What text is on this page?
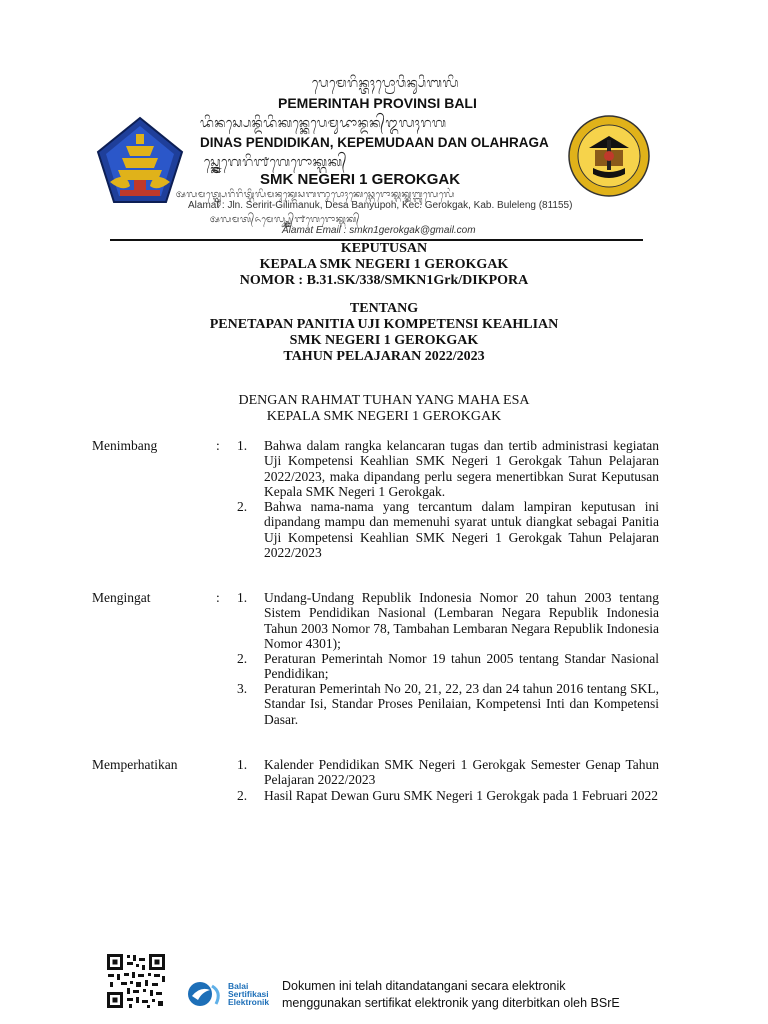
ᬧᬾᬫᬾᬭᬶᬦ᭄ᬢᬄᬧ᭄ᬭᭀᬯᬶᬦ᭄ᬲᬶᬩᬮᬶ
PEMERINTAH PROVINSI BALI
ᬤᬶᬦᬲ᭄ᬧᬾᬦ᭄ᬤᬶᬤᬶᬓᬦ᭄ᬓᬾᬧᬾᬫᬸᬤᬵᬦ᭄ᬤᬦ᭄ᬑᬮᬄᬭᬕ
DINAS PENDIDIKAN, KEPEMUDAAN DAN OLAHRAGA
ᬲ᭄ᬫ᭄ᬓ᭄ᬦᬾᬕᬾᬭᬶ᭑ᬕᬾᬭᭀᬓ᭄ᬕᬓ᭄
SMK NEGERI 1 GEROKGAK
ᬅᬮᬫᬢ᭄ᬚ᭄ᬮ᭄ᬲᬾᬭᬶᬭᬶᬢ᭄ᬕᬶᬮᬶᬫᬦᬸᬓ᭄ᬤᬾᬲᬩᬜᬸᬧᭀᬄᬓᬾᬘ᭄ᬕᬾᬭᭀᬓ᭄ᬕᬓ᭄ᬓᬩ᭄ᬩᬸᬮᬾᬮᬾᬂ
Alamat : Jln. Seririt-Gilimanuk, Desa Banyupoh, Kec. Gerokgak, Kab. Buleleng (81155)
ᬅᬮᬫᬢ᭄ᬏᬫᬾᬮ᭄ᬲ᭄ᬫ᭄ᬓ᭄ᬦ᭄᭑ᬕᬾᬭᭀᬓ᭄ᬕᬓ᭄
Alamat Email : smkn1gerokgak@gmail.com
KEPUTUSAN
KEPALA SMK NEGERI 1 GEROKGAK
NOMOR : B.31.SK/338/SMKN1Grk/DIKPORA
TENTANG
PENETAPAN PANITIA UJI KOMPETENSI KEAHLIAN
SMK NEGERI 1 GEROKGAK
TAHUN PELAJARAN 2022/2023
DENGAN RAHMAT TUHAN YANG MAHA ESA
KEPALA SMK NEGERI 1 GEROKGAK
Menimbang	: 1. Bahwa dalam rangka kelancaran tugas dan tertib administrasi kegiatan Uji Kompetensi Keahlian SMK Negeri 1 Gerokgak Tahun Pelajaran 2022/2023, maka dipandang perlu segera menertibkan Surat Keputusan Kepala SMK Negeri 1 Gerokgak.
2. Bahwa nama-nama yang tercantum dalam lampiran keputusan ini dipandang mampu dan memenuhi syarat untuk diangkat sebagai Panitia Uji Kompetensi Keahlian SMK Negeri 1 Gerokgak Tahun Pelajaran 2022/2023
Mengingat	: 1. Undang-Undang Republik Indonesia Nomor 20 tahun 2003 tentang Sistem Pendidikan Nasional (Lembaran Negara Republik Indonesia Tahun 2003 Nomor 78, Tambahan Lembaran Negara Republik Indonesia Nomor 4301);
2. Peraturan Pemerintah Nomor 19 tahun 2005 tentang Standar Nasional Pendidikan;
3. Peraturan Pemerintah No 20, 21, 22, 23 dan 24 tahun 2016 tentang SKL, Standar Isi, Standar Proses Penilaian, Kompetensi Inti dan Kompetensi Dasar.
Memperhatikan	1. Kalender Pendidikan SMK Negeri 1 Gerokgak Semester Genap Tahun Pelajaran 2022/2023
2. Hasil Rapat Dewan Guru SMK Negeri 1 Gerokgak pada 1 Februari 2022
Balai
Sertifikasi
Elektronik
Dokumen ini telah ditandatangani secara elektronik
menggunakan sertifikat elektronik yang diterbitkan oleh BSrE
